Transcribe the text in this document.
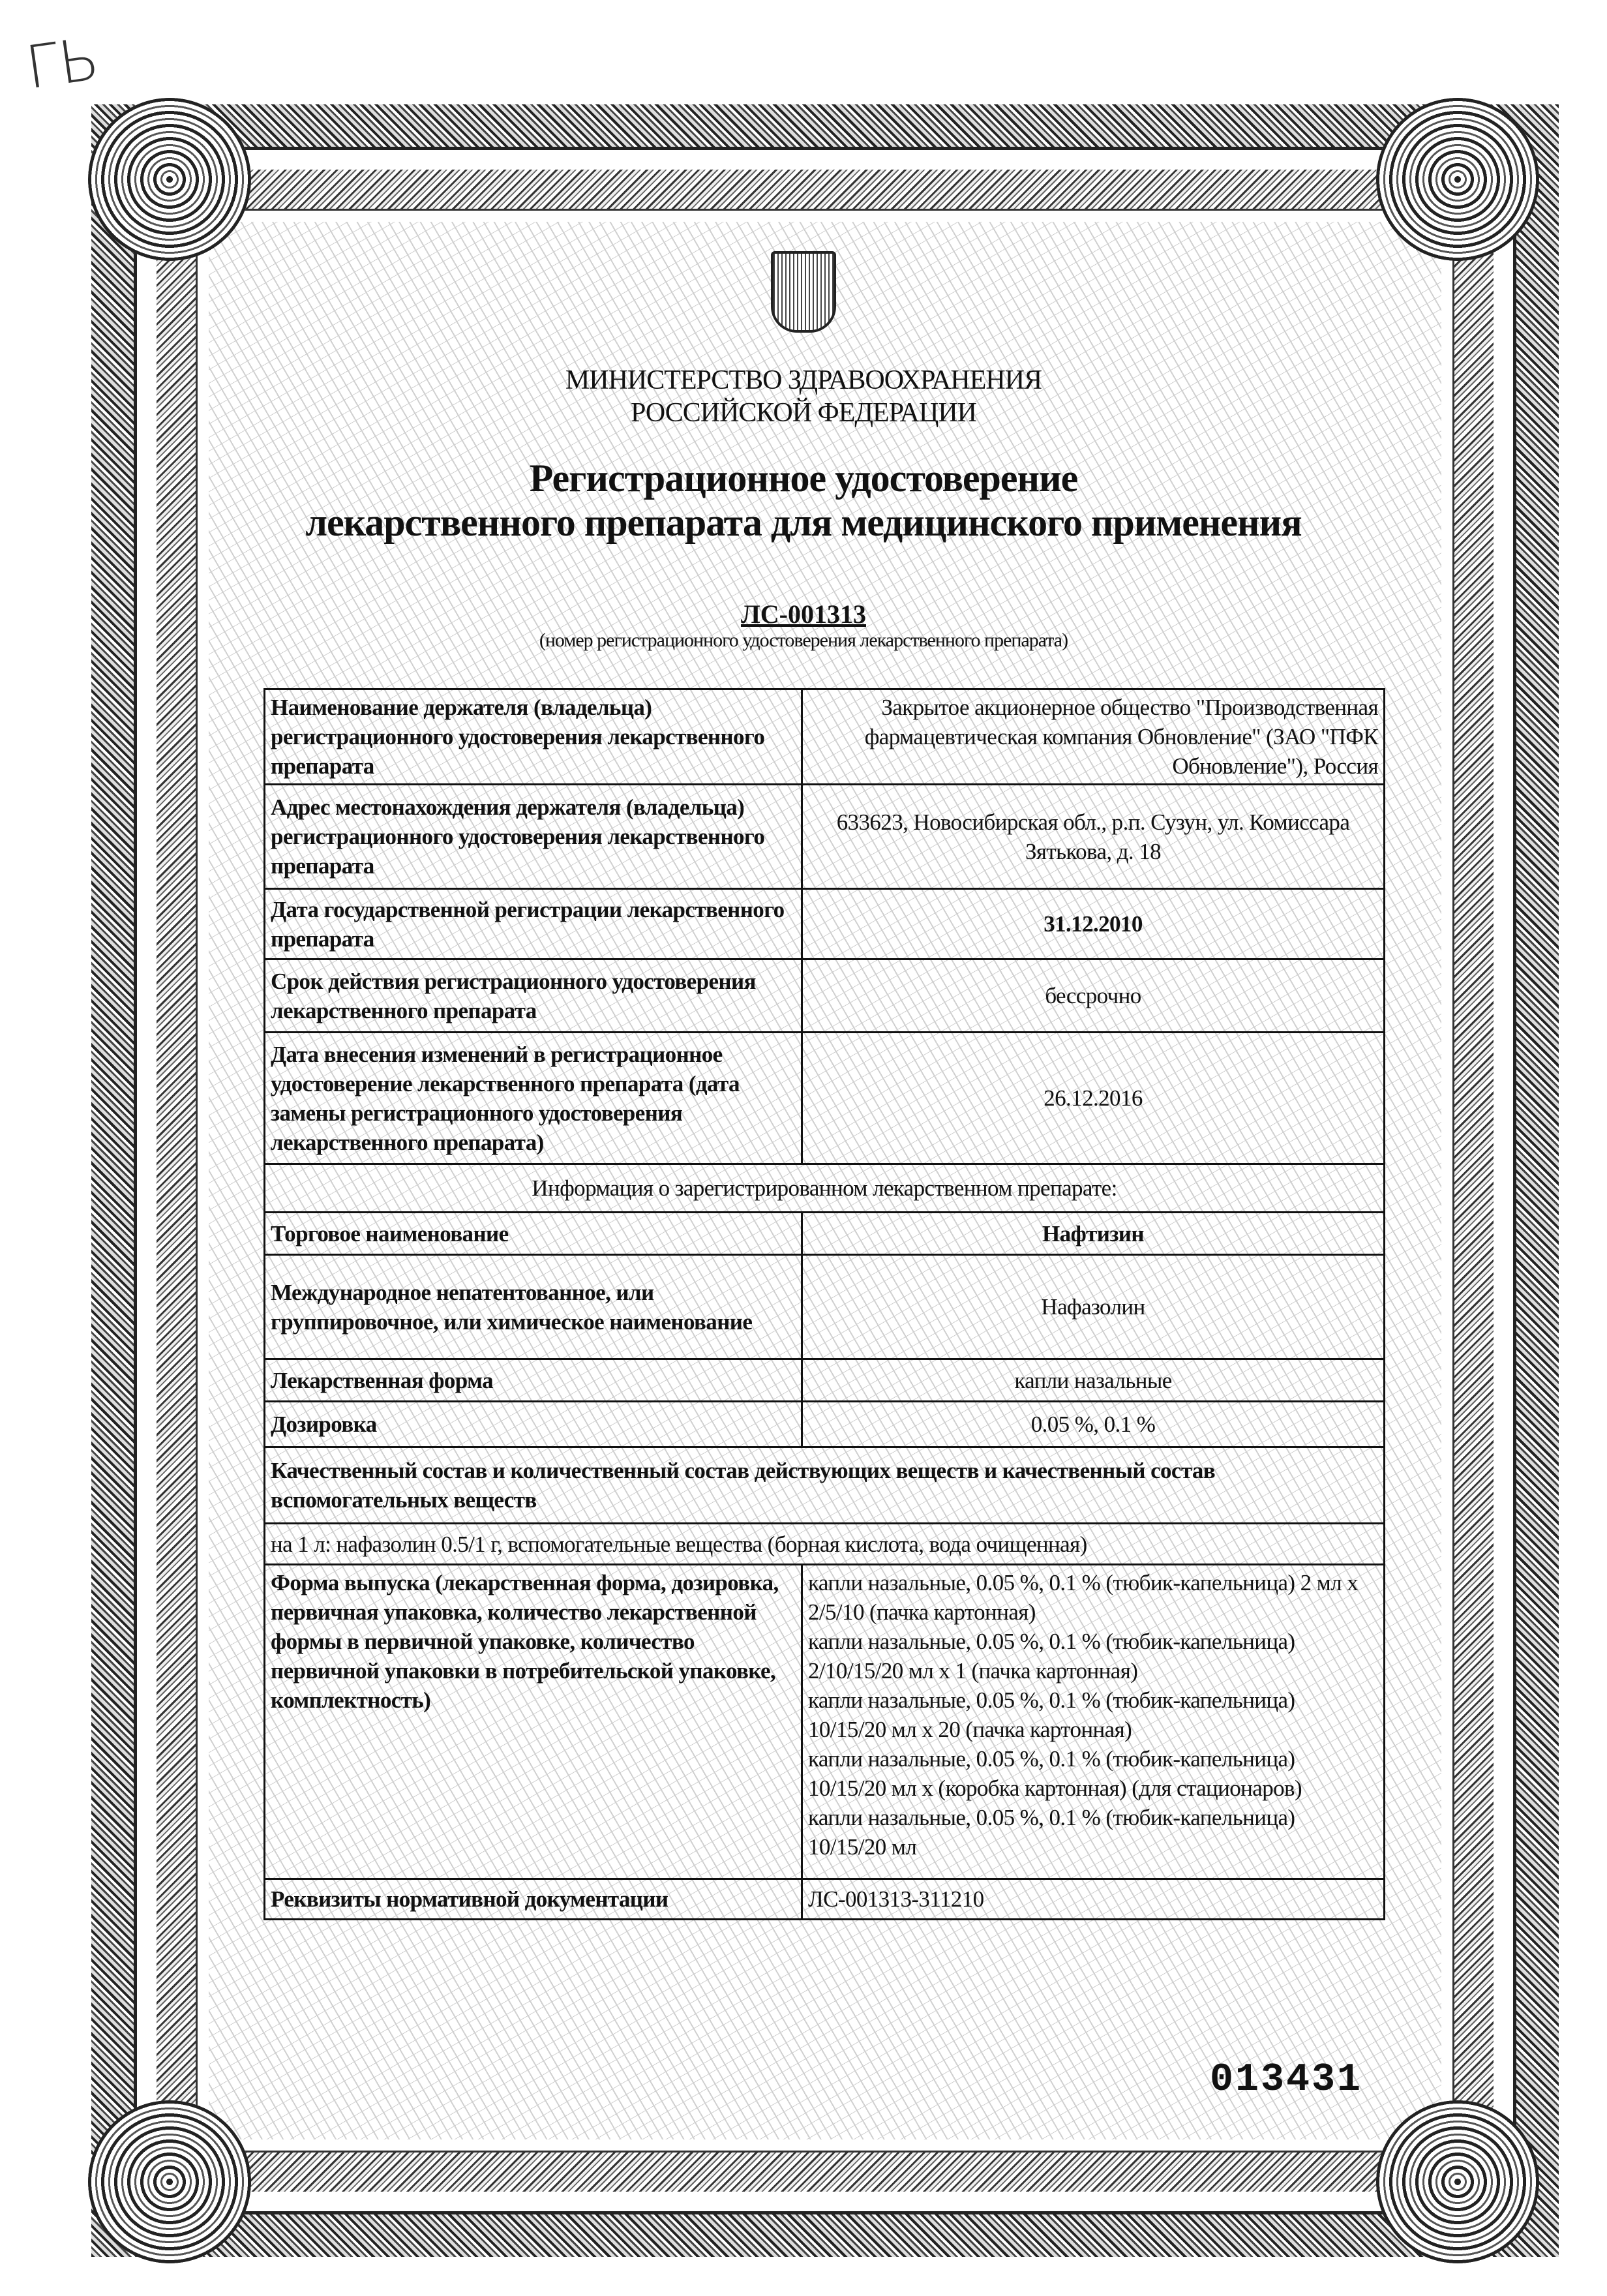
ГЬ
МИНИСТЕРСТВО ЗДРАВООХРАНЕНИЯ
РОССИЙСКОЙ ФЕДЕРАЦИИ
Регистрационное удостоверение
лекарственного препарата для медицинского применения
ЛС-001313
(номер регистрационного удостоверения лекарственного препарата)
Наименование держателя (владельца) регистрационного удостоверения лекарственного препарата	Закрытое акционерное общество "Производственная фармацевтическая компания Обновление" (ЗАО "ПФК Обновление"), Россия
Адрес местонахождения держателя (владельца) регистрационного удостоверения лекарственного препарата	633623, Новосибирская обл., р.п. Сузун, ул. Комиссара Зятькова, д. 18
Дата государственной регистрации лекарственного препарата	31.12.2010
Срок действия регистрационного удостоверения лекарственного препарата	бессрочно
Дата внесения изменений в регистрационное удостоверение лекарственного препарата (дата замены регистрационного удостоверения лекарственного препарата)	26.12.2016
Информация о зарегистрированном лекарственном препарате:	
Торговое наименование	Нафтизин
Международное непатентованное, или группировочное, или химическое наименование	Нафазолин
Лекарственная форма	капли назальные
Дозировка	0.05 %, 0.1 %
Качественный состав и количественный состав действующих веществ и качественный состав вспомогательных веществ	
на 1 л: нафазолин 0.5/1 г, вспомогательные вещества (борная кислота, вода очищенная)	
Форма выпуска (лекарственная форма, дозировка, первичная упаковка, количество лекарственной формы в первичной упаковке, количество первичной упаковки в потребительской упаковке, комплектность)	капли назальные, 0.05 %, 0.1 % (тюбик-капельница) 2 мл x 2/5/10 (пачка картонная)
капли назальные, 0.05 %, 0.1 % (тюбик-капельница) 2/10/15/20 мл x 1 (пачка картонная)
капли назальные, 0.05 %, 0.1 % (тюбик-капельница) 10/15/20 мл x 20 (пачка картонная)
капли назальные, 0.05 %, 0.1 % (тюбик-капельница) 10/15/20 мл x (коробка картонная) (для стационаров)
капли назальные, 0.05 %, 0.1 % (тюбик-капельница) 10/15/20 мл

Реквизиты нормативной документации	ЛС-001313-311210
013431
